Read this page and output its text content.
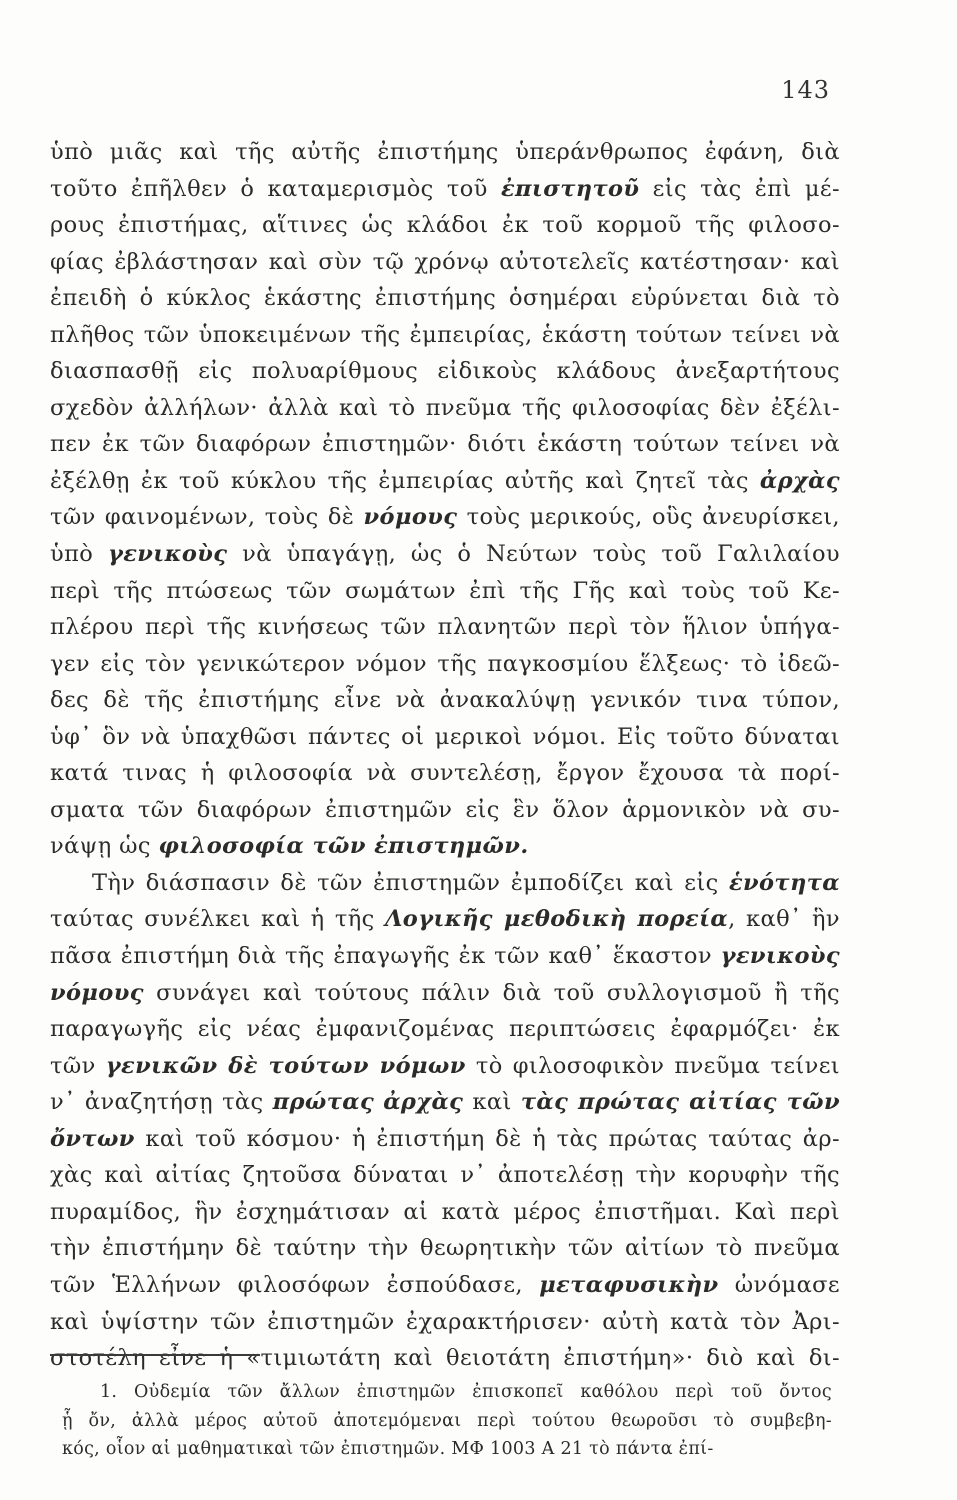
143
ὑπὸ μιᾶς καὶ τῆς αὐτῆς ἐπιστήμης ὑπεράνθρωπος ἐφάνη, διὰ
τοῦτο ἐπῆλθεν ὁ καταμερισμὸς τοῦ ἐπιστητοῦ εἰς τὰς ἐπὶ μέ-
ρους ἐπιστήμας, αἵτινες ὡς κλάδοι ἐκ τοῦ κορμοῦ τῆς φιλοσο-
φίας ἐβλάστησαν καὶ σὺν τῷ χρόνῳ αὐτοτελεῖς κατέστησαν· καὶ
ἐπειδὴ ὁ κύκλος ἑκάστης ἐπιστήμης ὁσημέραι εὐρύνεται διὰ τὸ
πλῆθος τῶν ὑποκειμένων τῆς ἐμπειρίας, ἑκάστη τούτων τείνει νὰ
διασπασθῇ εἰς πολυαρίθμους εἰδικοὺς κλάδους ἀνεξαρτήτους
σχεδὸν ἀλλήλων· ἀλλὰ καὶ τὸ πνεῦμα τῆς φιλοσοφίας δὲν ἐξέλι-
πεν ἐκ τῶν διαφόρων ἐπιστημῶν· διότι ἑκάστη τούτων τείνει νὰ
ἐξέλθῃ ἐκ τοῦ κύκλου τῆς ἐμπειρίας αὐτῆς καὶ ζητεῖ τὰς ἀρχὰς
τῶν φαινομένων, τοὺς δὲ νόμους τοὺς μερικούς, οὓς ἀνευρίσκει,
ὑπὸ γενικοὺς νὰ ὑπαγάγῃ, ὡς ὁ Νεύτων τοὺς τοῦ Γαλιλαίου
περὶ τῆς πτώσεως τῶν σωμάτων ἐπὶ τῆς Γῆς καὶ τοὺς τοῦ Κε-
πλέρου περὶ τῆς κινήσεως τῶν πλανητῶν περὶ τὸν ἥλιον ὑπήγα-
γεν εἰς τὸν γενικώτερον νόμον τῆς παγκοσμίου ἕλξεως· τὸ ἰδεῶ-
δες δὲ τῆς ἐπιστήμης εἶνε νὰ ἀνακαλύψῃ γενικόν τινα τύπον,
ὑφ᾽ ὃν νὰ ὑπαχθῶσι πάντες οἱ μερικοὶ νόμοι. Εἰς τοῦτο δύναται
κατά τινας ἡ φιλοσοφία νὰ συντελέσῃ, ἔργον ἔχουσα τὰ πορί-
σματα τῶν διαφόρων ἐπιστημῶν εἰς ἓν ὅλον ἁρμονικὸν νὰ συ-
νάψῃ ὡς φιλοσοφία τῶν ἐπιστημῶν.
Τὴν διάσπασιν δὲ τῶν ἐπιστημῶν ἐμποδίζει καὶ εἰς ἑνότητα
ταύτας συνέλκει καὶ ἡ τῆς Λογικῆς μεθοδικὴ πορεία, καθ᾽ ἣν
πᾶσα ἐπιστήμη διὰ τῆς ἐπαγωγῆς ἐκ τῶν καθ᾽ ἕκαστον γενικοὺς
νόμους συνάγει καὶ τούτους πάλιν διὰ τοῦ συλλογισμοῦ ἢ τῆς
παραγωγῆς εἰς νέας ἐμφανιζομένας περιπτώσεις ἐφαρμόζει· ἐκ
τῶν γενικῶν δὲ τούτων νόμων τὸ φιλοσοφικὸν πνεῦμα τείνει
ν᾽ ἀναζητήσῃ τὰς πρώτας ἀρχὰς καὶ τὰς πρώτας αἰτίας τῶν
ὄντων καὶ τοῦ κόσμου· ἡ ἐπιστήμη δὲ ἡ τὰς πρώτας ταύτας ἀρ-
χὰς καὶ αἰτίας ζητοῦσα δύναται ν᾽ ἀποτελέσῃ τὴν κορυφὴν τῆς
πυραμίδος, ἣν ἐσχημάτισαν αἱ κατὰ μέρος ἐπιστῆμαι. Καὶ περὶ
τὴν ἐπιστήμην δὲ ταύτην τὴν θεωρητικὴν τῶν αἰτίων τὸ πνεῦμα
τῶν Ἑλλήνων φιλοσόφων ἐσπούδασε, μεταφυσικὴν ὠνόμασε
καὶ ὑψίστην τῶν ἐπιστημῶν ἐχαρακτήρισεν· αὐτὴ κατὰ τὸν Ἀρι-
στοτέλη εἶνε ἡ «τιμιωτάτη καὶ θειοτάτη ἐπιστήμη»· διὸ καὶ δι-
1. Οὐδεμία τῶν ἄλλων ἐπιστημῶν ἐπισκοπεῖ καθόλου περὶ τοῦ ὄντος
ᾗ ὄν, ἀλλὰ μέρος αὐτοῦ ἀποτεμόμεναι περὶ τούτου θεωροῦσι τὸ συμβεβη-
κός, οἷον αἱ μαθηματικαὶ τῶν ἐπιστημῶν. ΜΦ 1003 Α 21 τὸ πάντα ἐπί-
